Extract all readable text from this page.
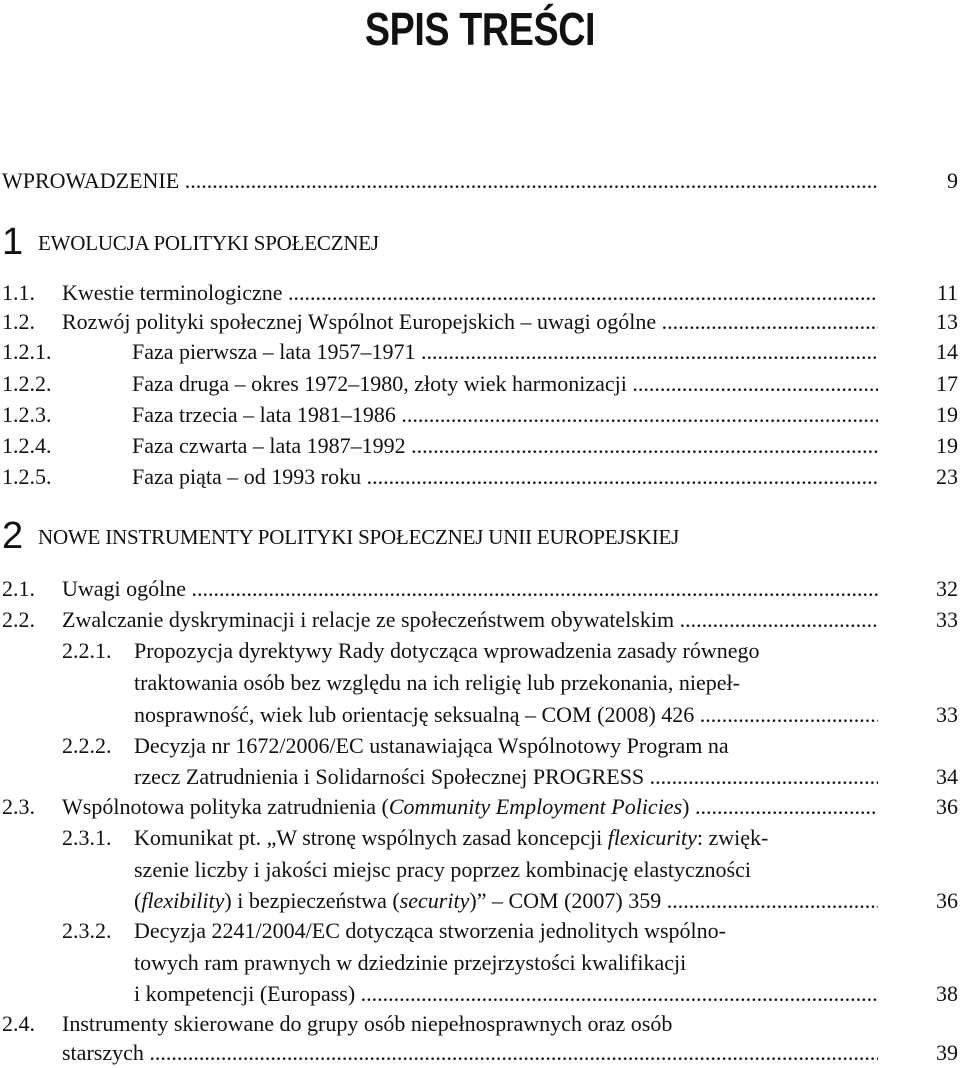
SPIS TREŚCI
WPROWADZENIE .....	9
1 EWOLUCJA POLITYKI SPOŁECZNEJ
1.1. Kwestie terminologiczne .....	11
1.2. Rozwój polityki społecznej Wspólnot Europejskich – uwagi ogólne .....	13
1.2.1.	Faza pierwsza – lata 1957–1971 .....	14
1.2.2.	Faza druga – okres 1972–1980, złoty wiek harmonizacji .....	17
1.2.3.	Faza trzecia – lata 1981–1986 .....	19
1.2.4.	Faza czwarta – lata 1987–1992 .....	19
1.2.5.	Faza piąta – od 1993 roku .....	23
2 NOWE INSTRUMENTY POLITYKI SPOŁECZNEJ UNII EUROPEJSKIEJ
2.1. Uwagi ogólne .....	32
2.2. Zwalczanie dyskryminacji i relacje ze społeczeństwem obywatelskim .....	33
2.2.1. Propozycja dyrektywy Rady dotycząca wprowadzenia zasady równego
traktowania osób bez względu na ich religię lub przekonania, niepeł-
nosprawność, wiek lub orientację seksualną – COM (2008) 426 .....	33
2.2.2. Decyzja nr 1672/2006/EC ustanawiająca Wspólnotowy Program na
rzecz Zatrudnienia i Solidarności Społecznej PROGRESS .....	34
2.3. Wspólnotowa polityka zatrudnienia (Community Employment Policies) .....	36
2.3.1. Komunikat pt. „W stronę wspólnych zasad koncepcji flexicurity: zwięk-
szenie liczby i jakości miejsc pracy poprzez kombinację elastyczności
(flexibility) i bezpieczeństwa (security)” – COM (2007) 359 .....	36
2.3.2. Decyzja 2241/2004/EC dotycząca stworzenia jednolitych wspólno-
towych ram prawnych w dziedzinie przejrzystości kwalifikacji
i kompetencji (Europass) .....	38
2.4. Instrumenty skierowane do grupy osób niepełnosprawnych oraz osób
starszych .....	39
